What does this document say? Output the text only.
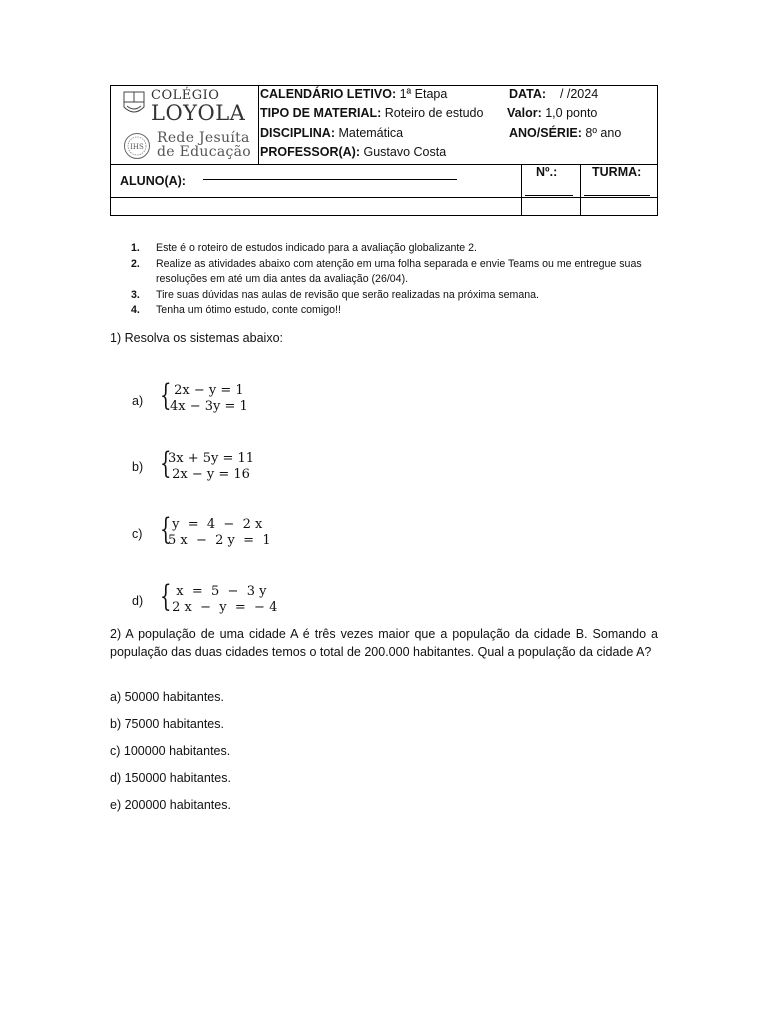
COLÉGIO
LOYOLA
IHS
Rede Jesuíta
de Educação
CALENDÁRIO LETIVO: 1ª Etapa
TIPO DE MATERIAL: Roteiro de estudo
DISCIPLINA: Matemática
PROFESSOR(A): Gustavo Costa
DATA: / /2024
Valor: 1,0 ponto
ANO/SÉRIE: 8º ano
ALUNO(A):
Nº.:	TURMA:
1. Este é o roteiro de estudos indicado para a avaliação globalizante 2.
2. Realize as atividades abaixo com atenção em uma folha separada e envie Teams ou me entregue suas resoluções em até um dia antes da avaliação (26/04).
3. Tire suas dúvidas nas aulas de revisão que serão realizadas na próxima semana.
4. Tenha um ótimo estudo, conte comigo!!
1) Resolva os sistemas abaixo:
a) {
2x − y = 1
4x − 3y = 1
b) {
3x + 5y = 11
2x − y = 16
c) {
y  =  4  −  2 x
5 x  −  2 y  =  1
d) {
x  =  5  −  3 y
2 x  −  y  =  − 4
2) A população de uma cidade A é três vezes maior que a população da cidade B. Somando a população das duas cidades temos o total de 200.000 habitantes. Qual a população da cidade A?
a) 50000 habitantes.
b) 75000 habitantes.
c) 100000 habitantes.
d) 150000 habitantes.
e) 200000 habitantes.
